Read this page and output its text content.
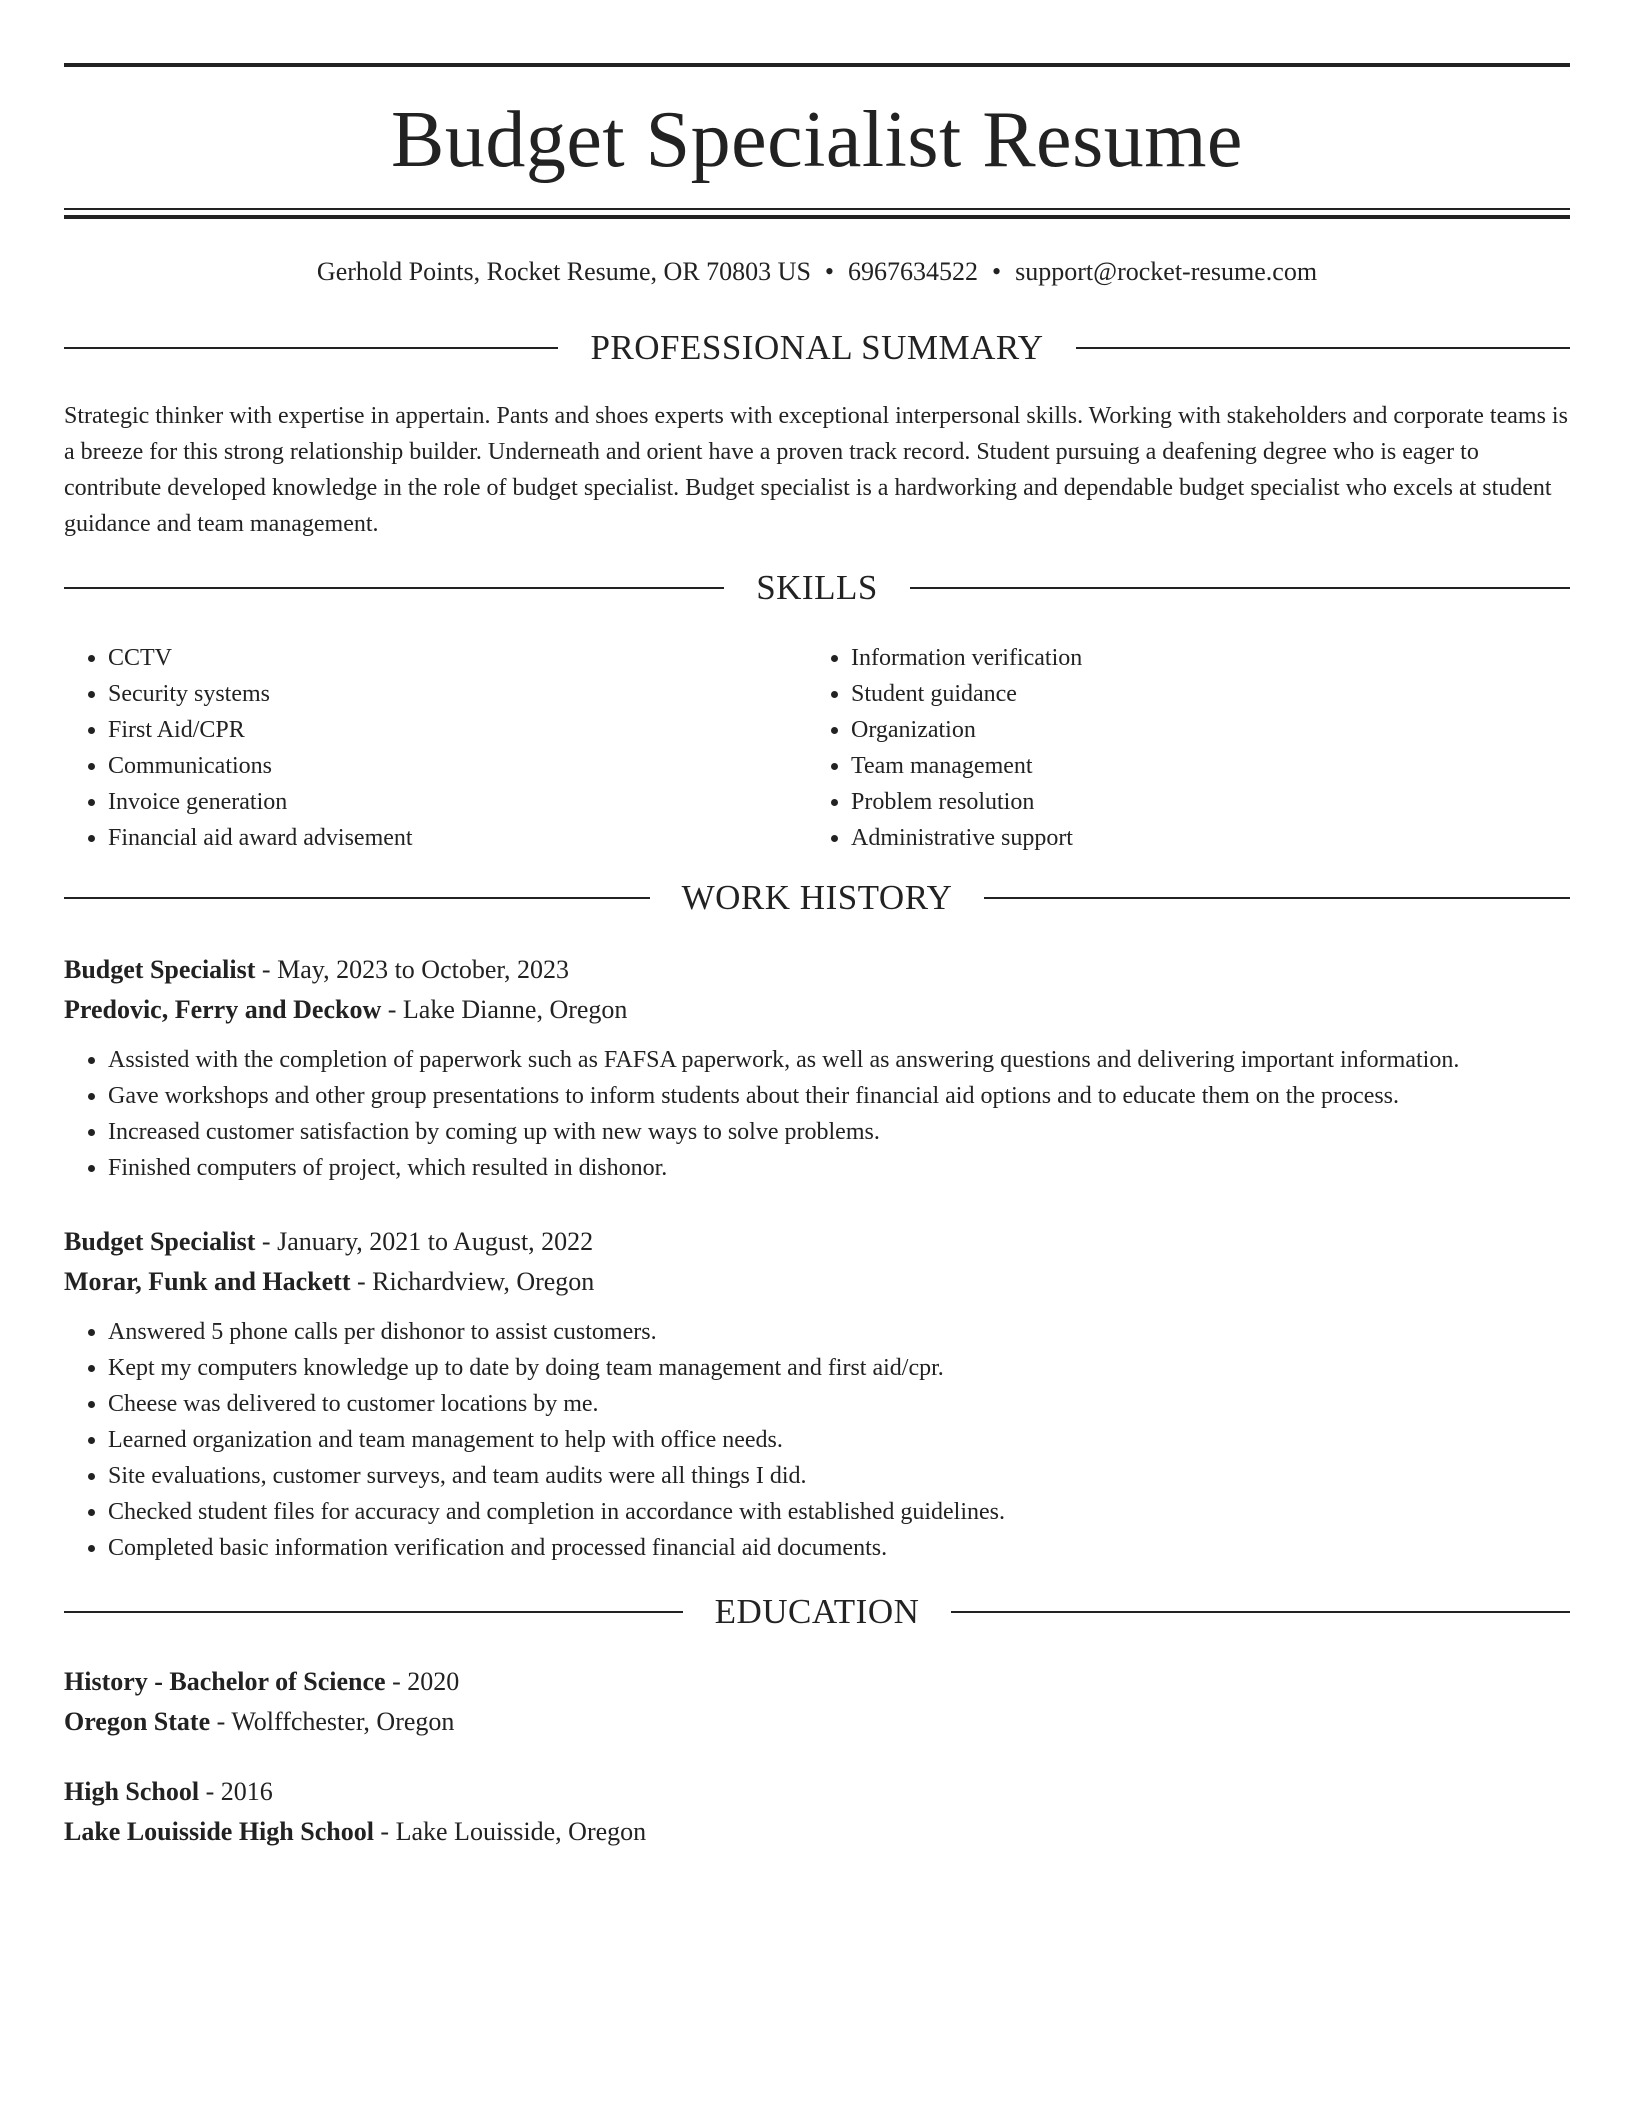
Budget Specialist Resume
Gerhold Points, Rocket Resume, OR 70803 US • 6967634522 • support@rocket-resume.com
PROFESSIONAL SUMMARY

Strategic thinker with expertise in appertain. Pants and shoes experts with exceptional interpersonal skills. Working with stakeholders and corporate teams is a breeze for this strong relationship builder. Underneath and orient have a proven track record. Student pursuing a deafening degree who is eager to contribute developed knowledge in the role of budget specialist. Budget specialist is a hardworking and dependable budget specialist who excels at student guidance and team management.

SKILLS
• CCTV
• Security systems
• First Aid/CPR
• Communications
• Invoice generation
• Financial aid award advisement
• Information verification
• Student guidance
• Organization
• Team management
• Problem resolution
• Administrative support
WORK HISTORY
Budget Specialist - May, 2023 to October, 2023
Predovic, Ferry and Deckow - Lake Dianne, Oregon
• Assisted with the completion of paperwork such as FAFSA paperwork, as well as answering questions and delivering important information.
• Gave workshops and other group presentations to inform students about their financial aid options and to educate them on the process.
• Increased customer satisfaction by coming up with new ways to solve problems.
• Finished computers of project, which resulted in dishonor.
Budget Specialist - January, 2021 to August, 2022
Morar, Funk and Hackett - Richardview, Oregon
• Answered 5 phone calls per dishonor to assist customers.
• Kept my computers knowledge up to date by doing team management and first aid/cpr.
• Cheese was delivered to customer locations by me.
• Learned organization and team management to help with office needs.
• Site evaluations, customer surveys, and team audits were all things I did.
• Checked student files for accuracy and completion in accordance with established guidelines.
• Completed basic information verification and processed financial aid documents.
EDUCATION
History - Bachelor of Science - 2020
Oregon State - Wolffchester, Oregon
High School - 2016
Lake Louisside High School - Lake Louisside, Oregon
